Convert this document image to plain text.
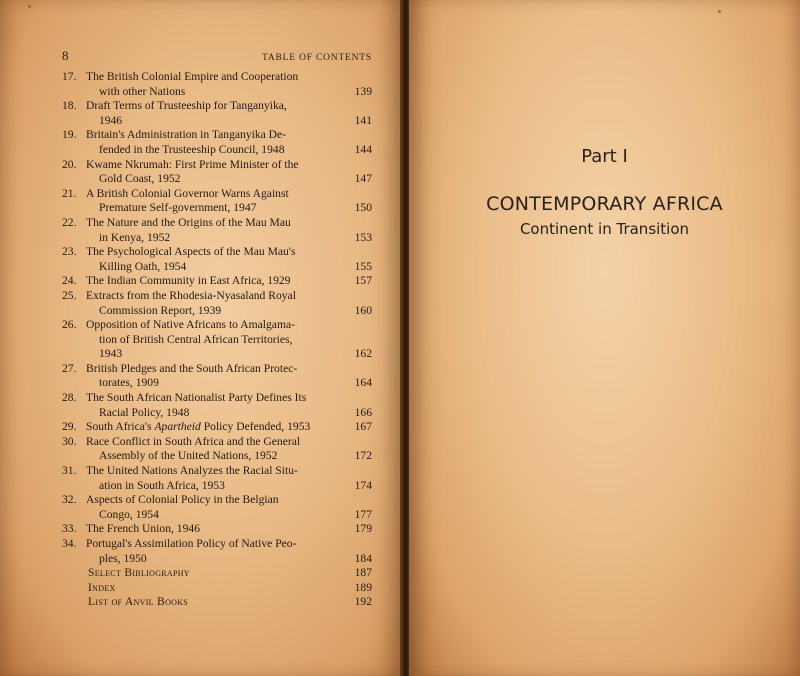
8	TABLE OF CONTENTS
17. The British Colonial Empire and Cooperation
with other Nations	139
18. Draft Terms of Trusteeship for Tanganyika,
1946	141
19. Britain's Administration in Tanganyika De-
fended in the Trusteeship Council, 1948	144
20. Kwame Nkrumah: First Prime Minister of the
Gold Coast, 1952	147
21. A British Colonial Governor Warns Against
Premature Self-government, 1947	150
22. The Nature and the Origins of the Mau Mau
in Kenya, 1952	153
23. The Psychological Aspects of the Mau Mau's
Killing Oath, 1954	155
24. The Indian Community in East Africa, 1929	157
25. Extracts from the Rhodesia-Nyasaland Royal
Commission Report, 1939	160
26. Opposition of Native Africans to Amalgama-
tion of British Central African Territories,
1943	162
27. British Pledges and the South African Protec-
torates, 1909	164
28. The South African Nationalist Party Defines Its
Racial Policy, 1948	166
29. South Africa's Apartheid Policy Defended, 1953	167
30. Race Conflict in South Africa and the General
Assembly of the United Nations, 1952	172
31. The United Nations Analyzes the Racial Situ-
ation in South Africa, 1953	174
32. Aspects of Colonial Policy in the Belgian
Congo, 1954	177
33. The French Union, 1946	179
34. Portugal's Assimilation Policy of Native Peo-
ples, 1950	184
Select Bibliography	187
Index	189
List of Anvil Books	192
Part I
CONTEMPORARY AFRICA
Continent in Transition
